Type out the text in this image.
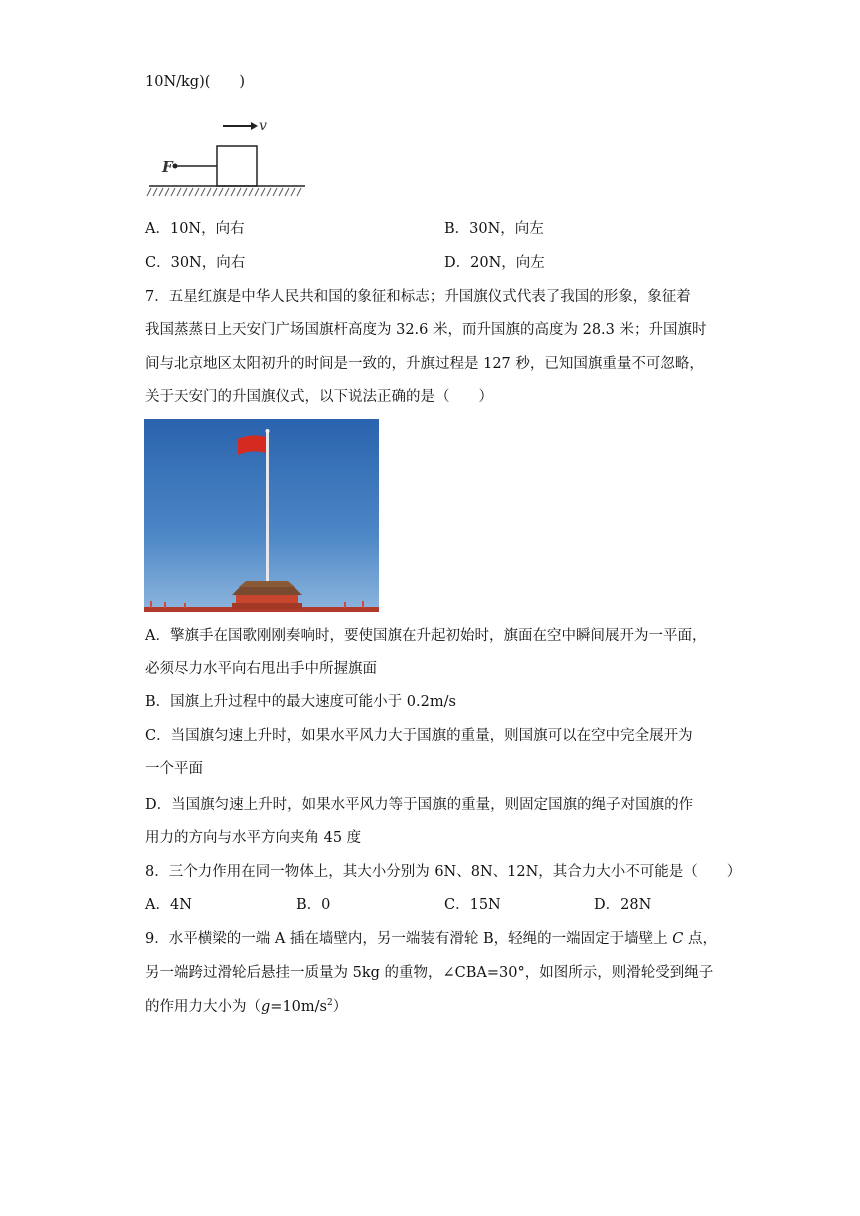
10N/kg)(　　)
v
F
A．10N，向右	B．30N，向左
C．30N，向右	D．20N，向左
7．五星红旗是中华人民共和国的象征和标志；升国旗仪式代表了我国的形象，象征着
我国蒸蒸日上天安门广场国旗杆高度为 32.6 米，而升国旗的高度为 28.3 米；升国旗时
间与北京地区太阳初升的时间是一致的，升旗过程是 127 秒，已知国旗重量不可忽略，
关于天安门的升国旗仪式，以下说法正确的是（　　）
A．擎旗手在国歌刚刚奏响时，要使国旗在升起初始时，旗面在空中瞬间展开为一平面，
必须尽力水平向右甩出手中所握旗面
B．国旗上升过程中的最大速度可能小于 0.2m/s
C．当国旗匀速上升时，如果水平风力大于国旗的重量，则国旗可以在空中完全展开为
一个平面
D．当国旗匀速上升时，如果水平风力等于国旗的重量，则固定国旗的绳子对国旗的作
用力的方向与水平方向夹角 45 度
8．三个力作用在同一物体上，其大小分别为 6N、8N、12N，其合力大小不可能是（　　）
A．4N	B．0	C．15N	D．28N
9．水平横梁的一端 A 插在墙壁内，另一端装有滑轮 B，轻绳的一端固定于墙壁上 C 点，
另一端跨过滑轮后悬挂一质量为 5kg 的重物，∠CBA=30°，如图所示，则滑轮受到绳子
的作用力大小为$(g=10m/s^2)$
